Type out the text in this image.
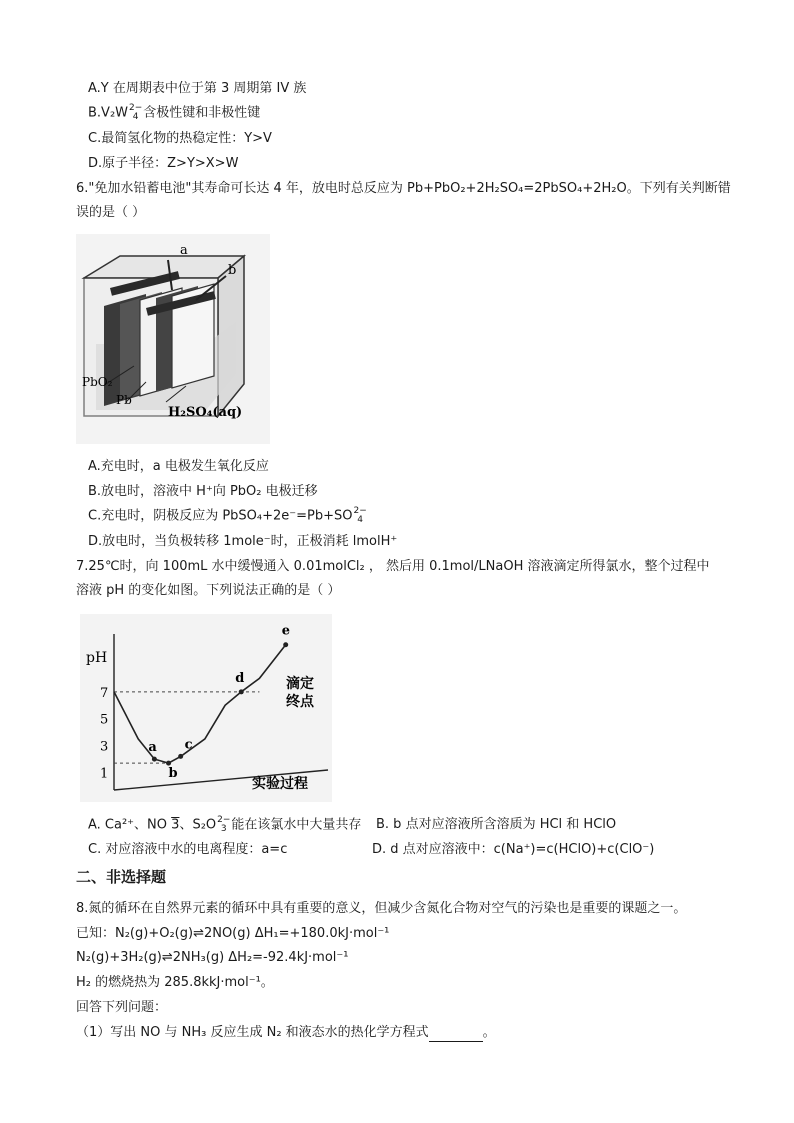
A.Y 在周期表中位于第 3 周期第 IV 族
B.V₂W 2−
4 含极性键和非极性键
C.最简氢化物的热稳定性：Y>V
D.原子半径：Z>Y>X>W
6."免加水铅蓄电池"其寿命可长达 4 年，放电时总反应为 Pb+PbO₂+2H₂SO₄=2PbSO₄+2H₂O。下列有关判断错
误的是（ ）
a
b
PbO₂
Pb
H₂SO₄(aq)
A.充电时，a 电极发生氧化反应
B.放电时，溶液中 H⁺向 PbO₂ 电极迁移
C.充电时，阴极反应为 PbSO₄+2e⁻=Pb+SO 2−
4
D.放电时，当负极转移 1mole⁻时，正极消耗 lmolH⁺
7.25℃时，向 100mL 水中缓慢通入 0.01molCl₂ ， 然后用 0.1mol/LNaOH 溶液滴定所得氯水，整个过程中
溶液 pH 的变化如图。下列说法正确的是（ ）
pH
实验过程
1
3
5
7
a
b
c
d
e
滴定
终点
A. Ca²⁺、NO 3、S₂O 2−
3 能在该氯水中大量共存 B. b 点对应溶液所含溶质为 HCl 和 HClO
C. 对应溶液中水的电离程度：a=c	D. d 点对应溶液中：c(Na⁺)=c(HClO)+c(ClO⁻)
二、非选择题
8.氮的循环在自然界元素的循环中具有重要的意义，但减少含氮化合物对空气的污染也是重要的课题之一。
已知：N₂(g)+O₂(g)⇌2NO(g) ΔH₁=+180.0kJ·mol⁻¹
N₂(g)+3H₂(g)⇌2NH₃(g) ΔH₂=-92.4kJ·mol⁻¹
H₂ 的燃烧热为 285.8kkJ·mol⁻¹。
回答下列问题：
（1）写出 NO 与 NH₃ 反应生成 N₂ 和液态水的热化学方程式	。
